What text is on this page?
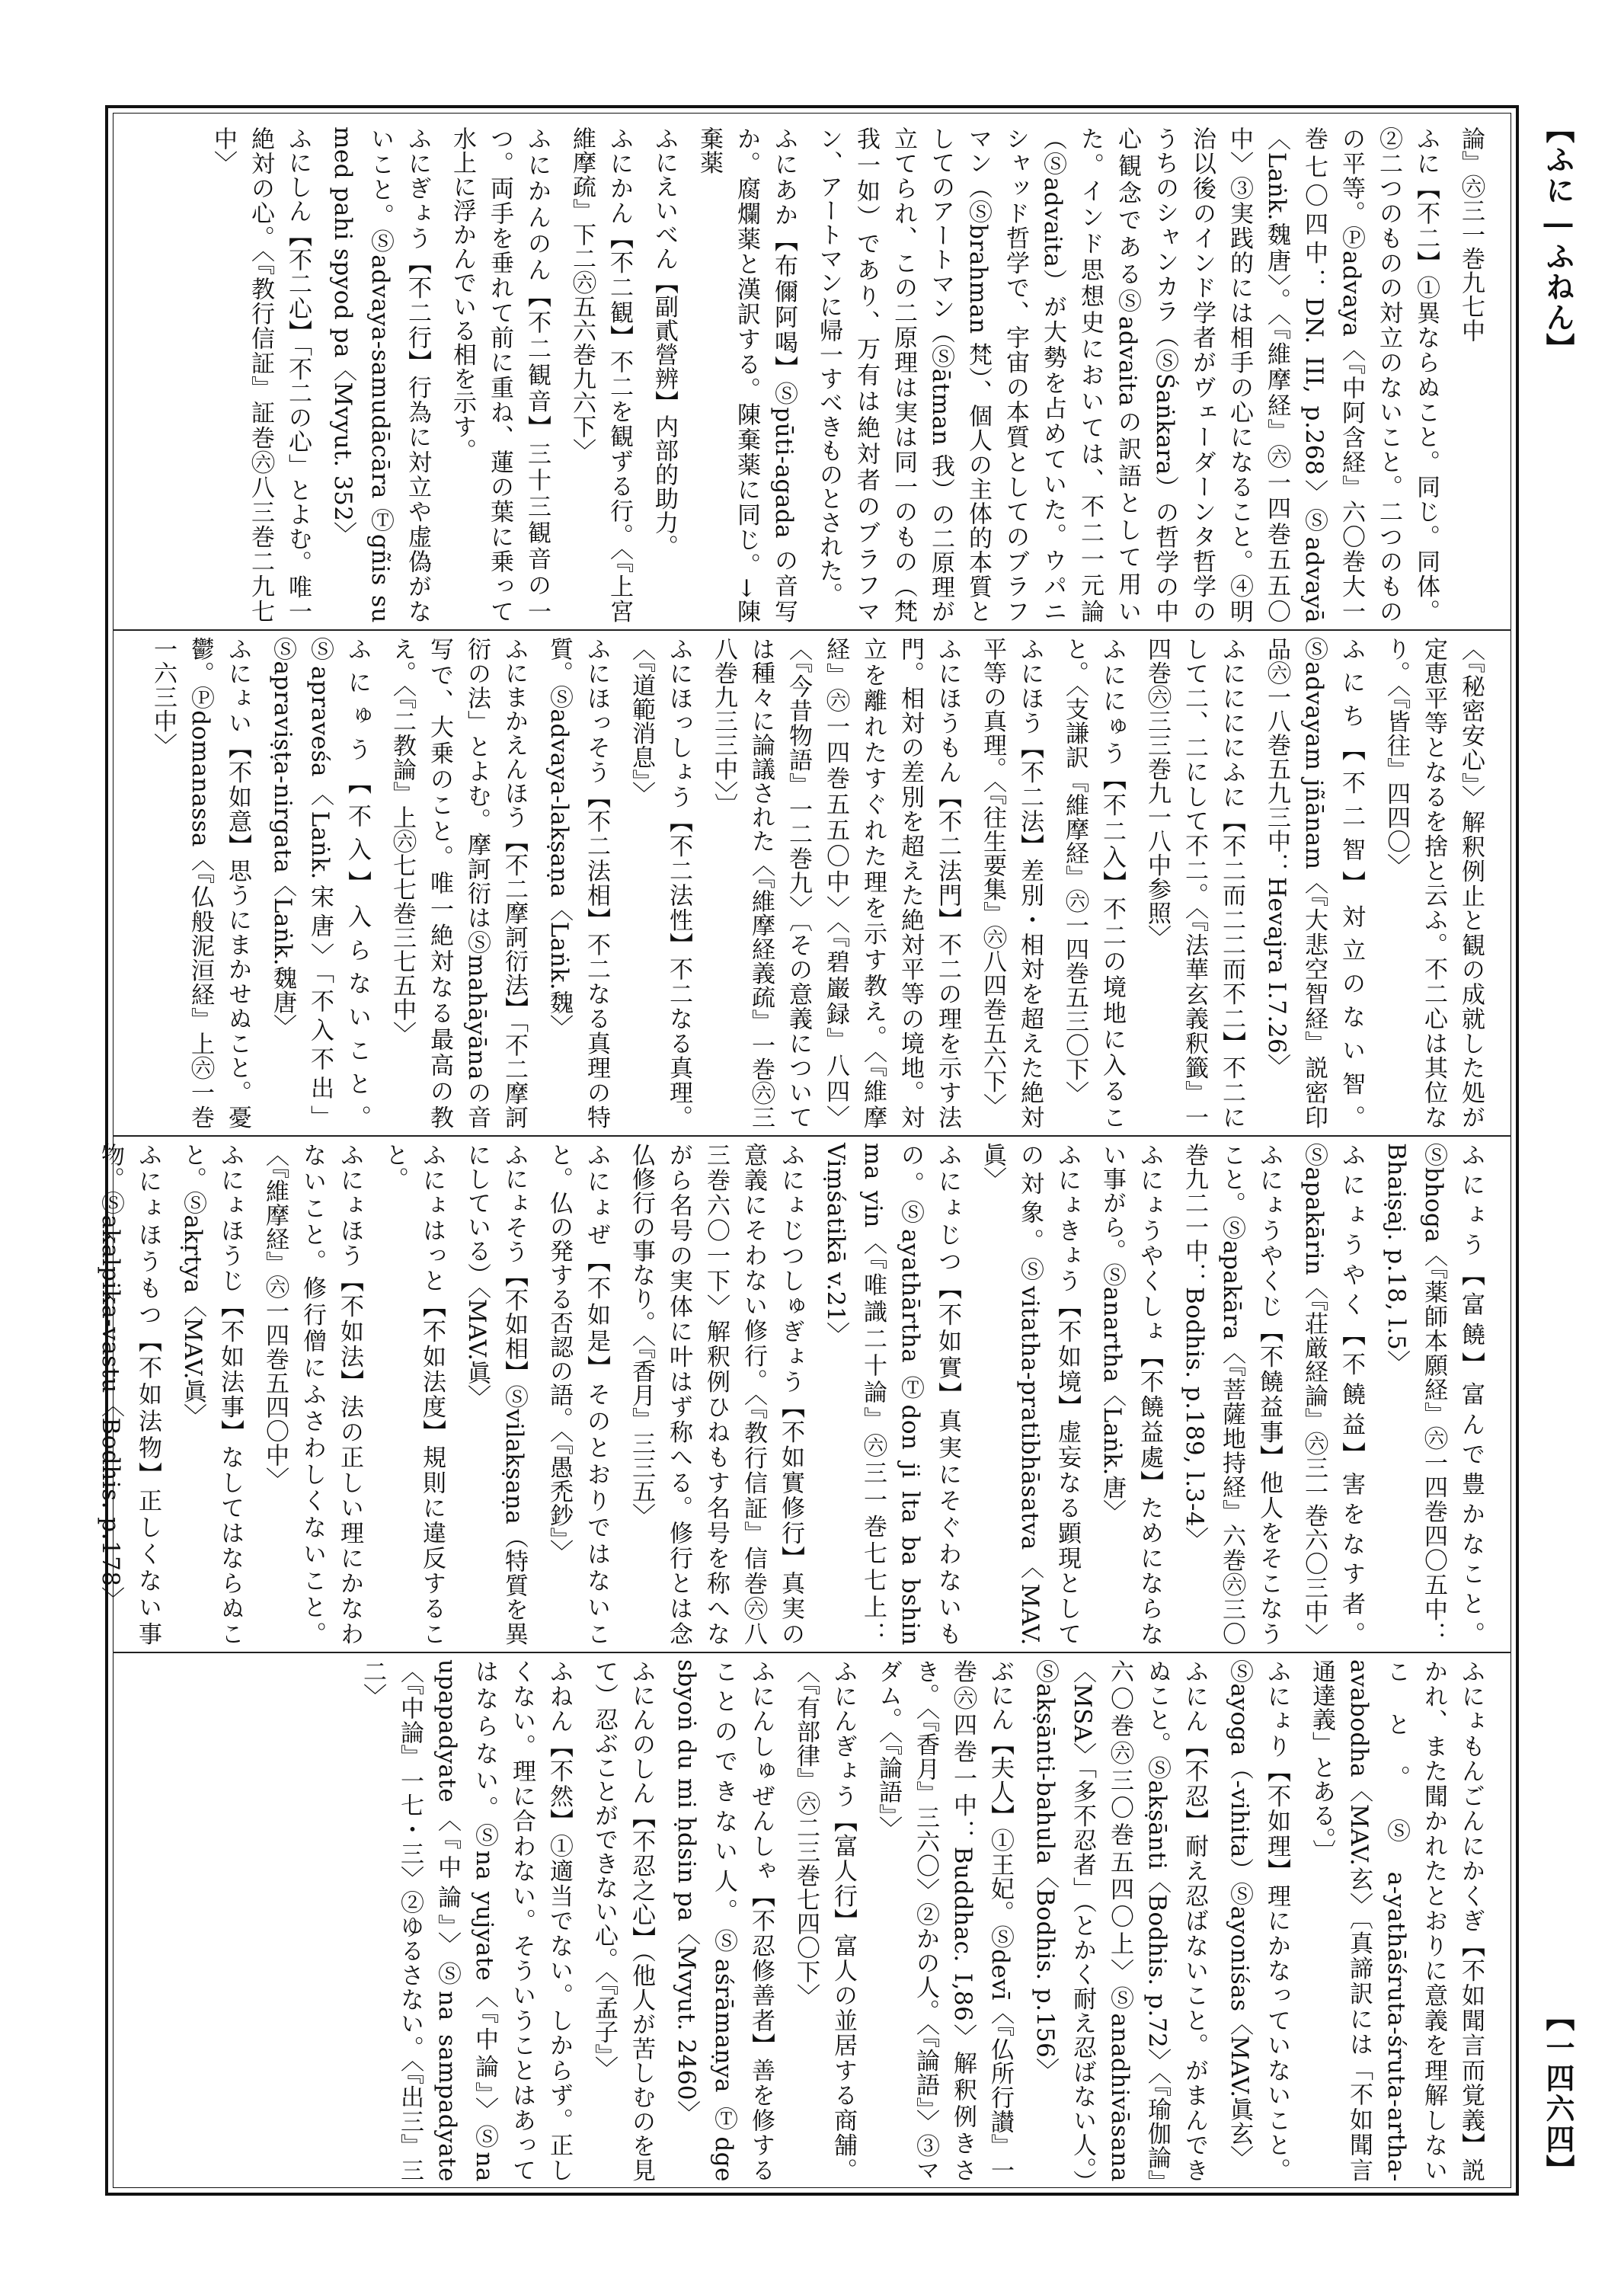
【ふに―ふねん】
【一四六四】

論』㊅三一巻九七中

ふに【不二】①異ならぬこと。同じ。同体。②二つのものの対立のないこと。二つのものの平等。Ⓟadvaya〈『中阿含経』六〇巻大一巻七〇四中：DN. III, p.268〉Ⓢadvayā〈Laṅk.魏唐〉。〈『維摩経』㊅一四巻五五〇中〉③実践的には相手の心になること。④明治以後のインド学者がヴェーダーンタ哲学のうちのシャンカラ（ⓈŚaṅkara）の哲学の中心観念であるⓈadvaitaの訳語として用いた。インド思想史においては、不二一元論（Ⓢadvaita）が大勢を占めていた。ウパニシャッド哲学で、宇宙の本質としてのブラフマン（Ⓢbrahman 梵）、個人の主体的本質としてのアートマン（Ⓢātman 我）の二原理が立てられ、この二原理は実は同一のもの（梵我一如）であり、万有は絶対者のブラフマン、アートマンに帰一すべきものとされた。

ふにあか【布儞阿喝】Ⓢpūti-agada の音写か。腐爛薬と漢訳する。陳棄薬に同じ。→陳棄薬

ふにえいべん【副貳營辨】内部的助力。

ふにかん【不二観】不二を観ずる行。〈『上宮維摩疏』下二㊅五六巻九六下〉

ふにかんのん【不二観音】三十三観音の一つ。両手を垂れて前に重ね、蓮の葉に乗って水上に浮かんでいる相を示す。

ふにぎょう【不二行】行為に対立や虚偽がないこと。Ⓢadvaya-samudācāra Ⓣgñis su med pahi spyod pa〈Mvyut. 352〉

ふにしん【不二心】「不二の心」とよむ。唯一絶対の心。〈『教行信証』証巻㊅八三巻二九七中〉

〈『秘密安心』〉解釈例止と観の成就した処が定恵平等となるを捨と云ふ。不二心は其位なり。〈『皆往』四四〇〉

ふにち【不二智】対立のない智。Ⓢadvayam jñānam〈『大悲空智経』説密印品㊅一八巻五九三中：Hevajra I.7.26〉

ふににににふに【不二而二二而不二】不二にして二、二にして不二。〈『法華玄義釈籤』一四巻㊅三三巻九一八中参照〉

ふににゅう【不二入】不二の境地に入ること。〈支謙訳『維摩経』㊅一四巻五三〇下〉

ふにほう【不二法】差別・相対を超えた絶対平等の真理。〈『往生要集』㊅八四巻五六下〉

ふにほうもん【不二法門】不二の理を示す法門。相対の差別を超えた絶対平等の境地。対立を離れたすぐれた理を示す教え。〈『維摩経』㊅一四巻五五〇中〉〈『碧巌録』八四〉〈『今昔物語』一二巻九〉〔その意義については種々に論議された〈『維摩経義疏』一巻㊅三八巻九三三中〉〕

ふにほっしょう【不二法性】不二なる真理。〈『道範消息』〉

ふにほっそう【不二法相】不二なる真理の特質。Ⓢadvaya-lakṣaṇa〈Laṅk.魏〉

ふにまかえんほう【不二摩訶衍法】「不二摩訶衍の法」とよむ。摩訶衍はⓈmahāyānaの音写で、大乗のこと。唯一絶対なる最高の教え。〈『二教論』上㊅七七巻三七五中〉

ふにゅう【不入】入らないこと。Ⓢapraveśa〈Laṅk.宋唐〉「不入不出」Ⓢapraviṣṭa-nirgata〈Laṅk.魏唐〉

ふにょい【不如意】思うにまかせぬこと。憂鬱。Ⓟdomanassa〈『仏般泥洹経』上㊅一巻一六三中〉

ふにょう【富饒】富んで豊かなこと。Ⓢbhoga〈『薬師本願経』㊅一四巻四〇五中：Bhaiṣaj. p.18, l.5〉

ふにょうやく【不饒益】害をなす者。Ⓢapakārin〈『荘厳経論』㊅三一巻六〇三中〉

ふにょうやくじ【不饒益事】他人をそこなうこと。Ⓢapakāra〈『菩薩地持経』六巻㊅三〇巻九二一中：Bodhis. p.189, l.3-4〉

ふにょうやくしょ【不饒益處】ためにならない事がら。Ⓢanartha〈Laṅk.唐〉

ふにょきょう【不如境】虚妄なる顕現としての対象。Ⓢvitatha-pratibhāsatva〈MAV.眞〉

ふにょじつ【不如實】真実にそぐわないもの。Ⓢayathārtha Ⓣdon ji lta ba bshin ma yin〈『唯識二十論』㊅三一巻七七上：Viṃśatikā v.21〉

ふにょじつしゅぎょう【不如實修行】真実の意義にそわない修行。〈『教行信証』信巻㊅八三巻六〇一下〉解釈例ひねもす名号を称へながら名号の実体に叶はず称へる。修行とは念仏修行の事なり。〈『香月』三三五〉

ふにょぜ【不如是】そのとおりではないこと。仏の発する否認の語。〈『愚禿鈔』〉

ふにょそう【不如相】Ⓢvilakṣaṇa（特質を異にしている）〈MAV.眞〉

ふにょはっと【不如法度】規則に違反すること。

ふにょほう【不如法】法の正しい理にかなわないこと。修行僧にふさわしくないこと。〈『維摩経』㊅一四巻五四〇中〉

ふにょほうじ【不如法事】なしてはならぬこと。Ⓢakṛtya〈MAV.眞〉

ふにょほうもつ【不如法物】正しくない事物。Ⓢakalpika-vastu〈Bodhis. p.178〉

ふにょもんごんにかくぎ【不如聞言而覚義】説かれ、また聞かれたとおりに意義を理解しないこと。Ⓢa-yathāśruta-śruta-artha-avabodha〈MAV.玄〉〔真諦訳には「不如聞言通達義」とある。〕

ふにょり【不如理】理にかなっていないこと。Ⓢayoga（-vihita）Ⓢayoniśas〈MAV.眞玄〉

ふにん【不忍】耐え忍ばないこと。がまんできぬこと。Ⓢakṣānti〈Bodhis. p.72〉〈『瑜伽論』六〇巻㊅三〇巻五四〇上〉Ⓢanadhivāsana〈MSA〉「多不忍者」（とかく耐え忍ばない人。）Ⓢakṣānti-bahula〈Bodhis. p.156〉

ぶにん【夫人】①王妃。Ⓢdevī〈『仏所行讃』一巻㊅四巻一中：Buddhac. I,86〉解釈例きさき。〈『香月』三六〇〉②かの人。〈『論語』〉③マダム。〈『論語』〉

ふにんぎょう【富人行】富人の並居する商舗。〈『有部律』㊅二三巻七四〇下〉

ふにんしゅぜんしゃ【不忍修善者】善を修することのできない人。Ⓢaśrāmaṇya Ⓣdge sbyoṅ du mi ḥdsin pa〈Mvyut. 2460〉

ふにんのしん【不忍之心】（他人が苦しむのを見て）忍ぶことができない心。〈『孟子』〉

ふねん【不然】①適当でない。しからず。正しくない。理に合わない。そういうことはあってはならない。Ⓢna yujyate〈『中論』〉Ⓢna upapadyate〈『中論』〉Ⓢna sampadyate〈『中論』一七・三〉②ゆるさない。〈『出三』三二〉
